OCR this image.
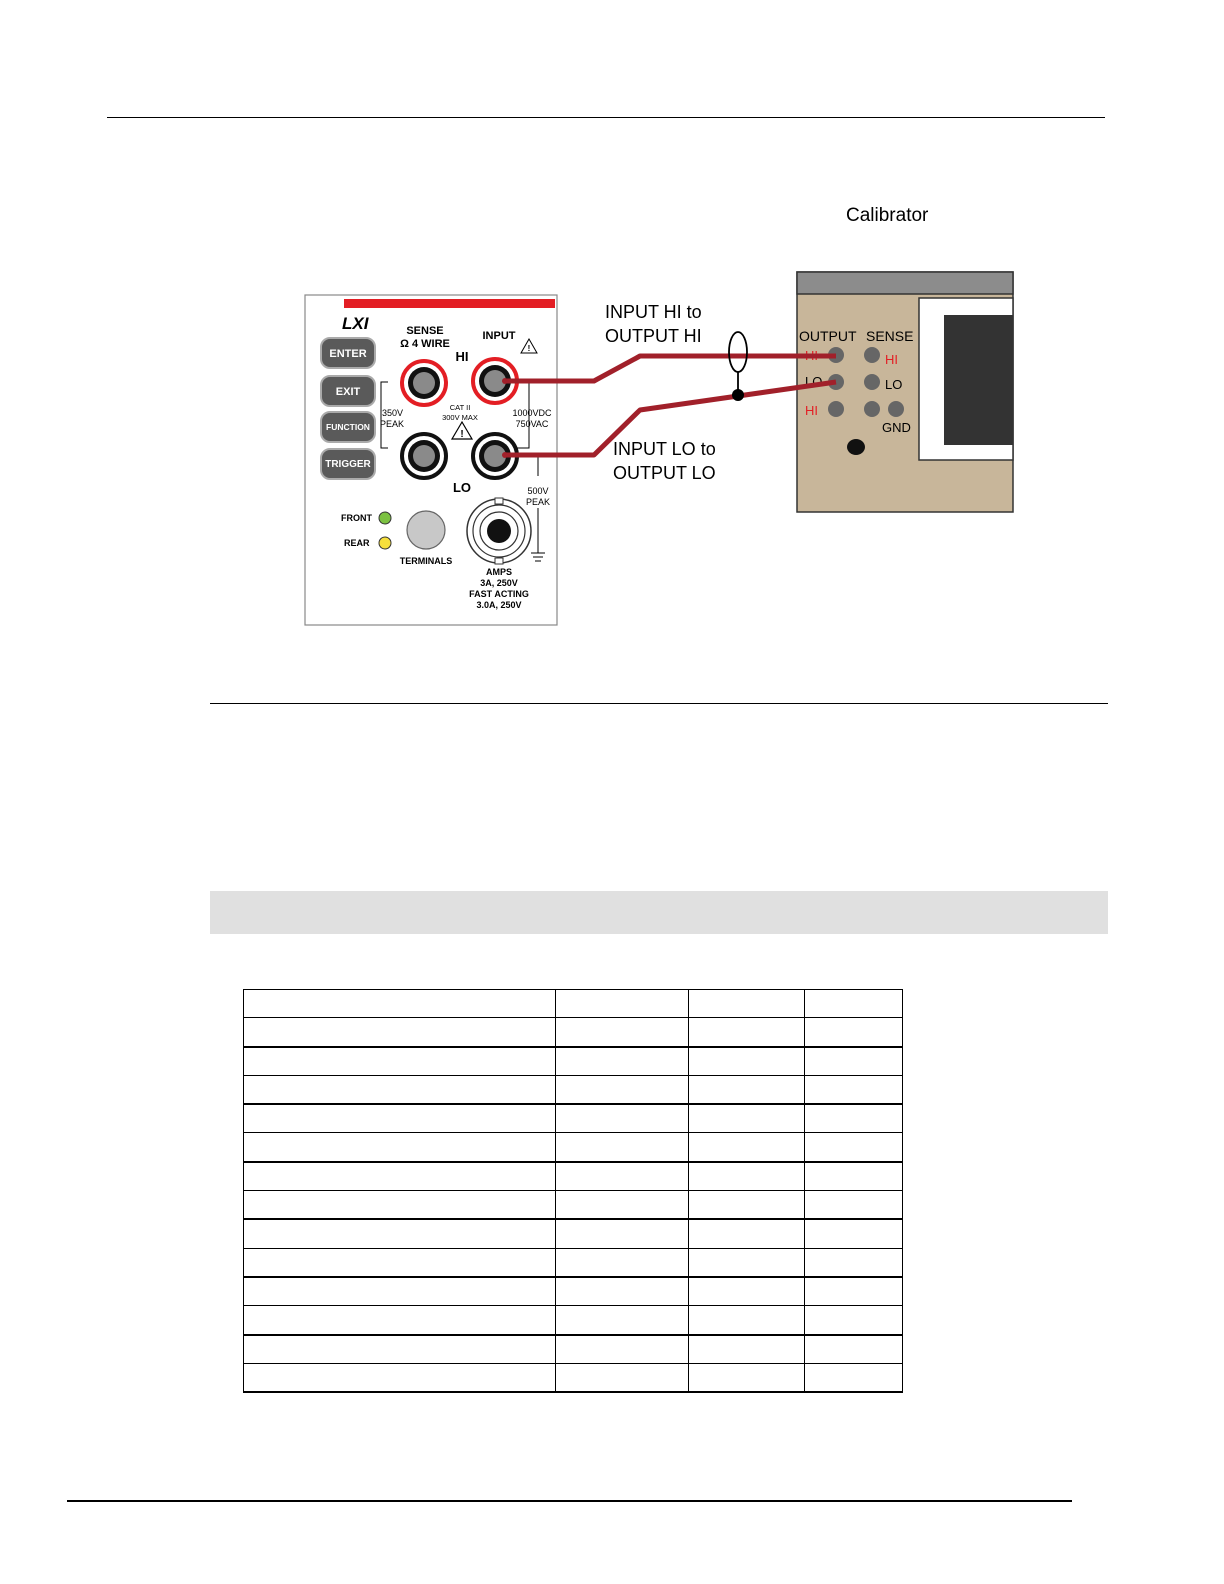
Calibrator
LXI	SENSE
Ω 4 WIRE
INPUT
!
HI
ENTER
EXIT
FUNCTION
TRIGGER
350V
PEAK
CAT II
300V MAX
!
1000VDC
750VAC
LO	500V
PEAK
FRONT
REAR
TERMINALS
AMPS
3A, 250V
FAST ACTING
3.0A, 250V
OUTPUT SENSE
HI	HI
LO	LO
HI
GND
INPUT HI to
OUTPUT HI
INPUT LO to
OUTPUT LO
